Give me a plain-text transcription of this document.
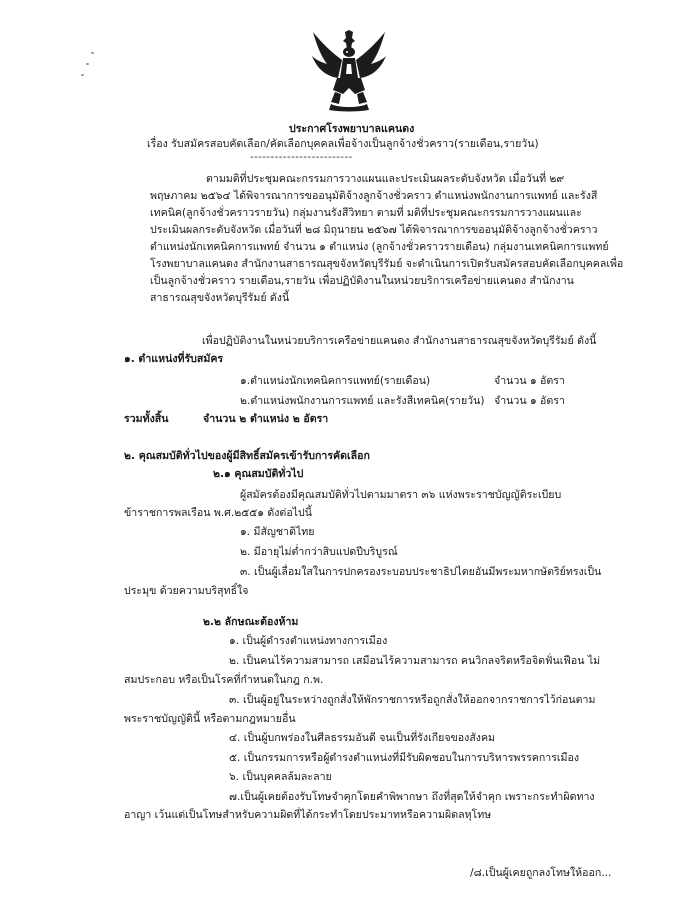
ประกาศโรงพยาบาลแคนดง
เรื่อง รับสมัครสอบคัดเลือก/คัดเลือกบุคคลเพื่อจ้างเป็นลูกจ้างชั่วคราว(รายเดือน,รายวัน)
-------------------------
ตามมติที่ประชุมคณะกรรมการวางแผนและประเมินผลระดับจังหวัด เมื่อวันที่ ๒๙
พฤษภาคม ๒๕๖๔ ได้พิจารณาการขออนุมัติจ้างลูกจ้างชั่วคราว ตำแหน่งพนักงานการแพทย์ และรังสี
เทคนิค(ลูกจ้างชั่วคราวรายวัน) กลุ่มงานรังสีวิทยา ตามที่ มติที่ประชุมคณะกรรมการวางแผนและ
ประเมินผลกระดับจังหวัด เมื่อวันที่ ๒๘ มิถุนายน ๒๕๖๗ ได้พิจารณาการขออนุมัติจ้างลูกจ้างชั่วคราว
ตำแหน่งนักเทคนิคการแพทย์ จำนวน ๑ ตำแหน่ง (ลูกจ้างชั่วคราวรายเดือน) กลุ่มงานเทคนิคการแพทย์
โรงพยาบาลแคนดง สำนักงานสาธารณสุขจังหวัดบุรีรัมย์ จะดำเนินการเปิดรับสมัครสอบคัดเลือกบุคคลเพื่อ
เป็นลูกจ้างชั่วคราว รายเดือน,รายวัน เพื่อปฏิบัติงานในหน่วยบริการเครือข่ายแคนดง สำนักงาน
สาธารณสุขจังหวัดบุรีรัมย์ ดังนี้
เพื่อปฏิบัติงานในหน่วยบริการเครือข่ายแคนดง สำนักงานสาธารณสุขจังหวัดบุรีรัมย์ ดังนี้
๑. ตำแหน่งที่รับสมัคร
๑.ตำแหน่งนักเทคนิคการแพทย์(รายเดือน)	จำนวน ๑ อัตรา
๒.ตำแหน่งพนักงานการแพทย์ และรังสีเทคนิค(รายวัน) จำนวน ๑ อัตรา
รวมทั้งสิ้น	จำนวน ๒ ตำแหน่ง ๒ อัตรา
๒. คุณสมบัติทั่วไปของผู้มีสิทธิ์สมัครเข้ารับการคัดเลือก
๒.๑ คุณสมบัติทั่วไป
ผู้สมัครต้องมีคุณสมบัติทั่วไปตามมาตรา ๓๖ แห่งพระราชบัญญัติระเบียบ
ข้าราชการพลเรือน พ.ศ.๒๕๕๑ ดังต่อไปนี้
๑. มีสัญชาติไทย
๒. มีอายุไม่ต่ำกว่าสิบแปดปีบริบูรณ์
๓. เป็นผู้เลื่อมใสในการปกครองระบอบประชาธิปไตยอันมีพระมหากษัตริย์ทรงเป็น
ประมุข ด้วยความบริสุทธิ์ใจ
๒.๒ ลักษณะต้องห้าม
๑. เป็นผู้ดำรงตำแหน่งทางการเมือง
๒. เป็นคนไร้ความสามารถ เสมือนไร้ความสามารถ คนวิกลจริตหรือจิตฟั่นเฟือน ไม่
สมประกอบ หรือเป็นโรคที่กำหนดในกฎ ก.พ.
๓. เป็นผู้อยู่ในระหว่างถูกสั่งให้พักราชการหรือถูกสั่งให้ออกจากราชการไว้ก่อนตาม
พระราชบัญญัตินี้ หรือตามกฎหมายอื่น
๔. เป็นผู้บกพร่องในศีลธรรมอันดี จนเป็นที่รังเกียจของสังคม
๕. เป็นกรรมการหรือผู้ดำรงตำแหน่งที่มีรับผิดชอบในการบริหารพรรคการเมือง
๖. เป็นบุคคลล้มละลาย
๗.เป็นผู้เคยต้องรับโทษจำคุกโดยคำพิพากษา ถึงที่สุดให้จำคุก เพราะกระทำผิดทาง
อาญา เว้นแต่เป็นโทษสำหรับความผิดที่ได้กระทำโดยประมาทหรือความผิดลหุโทษ
/๘.เป็นผู้เคยถูกลงโทษให้ออก...
